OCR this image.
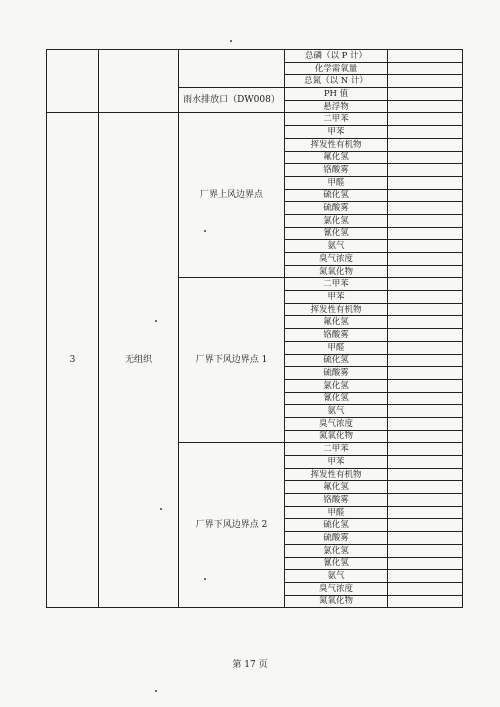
			总磷（以 P 计）	
			化学需氧量	
			总氮（以 N 计）	
		雨水排放口（DW008）	PH 值	
			悬浮物	
3	无组织	厂界上风边界点	二甲苯	
			甲苯	
			挥发性有机物	
			氟化氢	
			铬酸雾	
			甲醛	
			硫化氢	
			硫酸雾	
			氯化氢	
			氰化氢	
			氨气	
			臭气浓度	
			氮氧化物	
		厂界下风边界点 1	二甲苯	
			甲苯	
			挥发性有机物	
			氟化氢	
			铬酸雾	
			甲醛	
			硫化氢	
			硫酸雾	
			氯化氢	
			氰化氢	
			氨气	
			臭气浓度	
			氮氧化物	
		厂界下风边界点 2	二甲苯	
			甲苯	
			挥发性有机物	
			氟化氢	
			铬酸雾	
			甲醛	
			硫化氢	
			硫酸雾	
			氯化氢	
			氰化氢	
			氨气	
			臭气浓度	
			氮氧化物	
第 17 页
